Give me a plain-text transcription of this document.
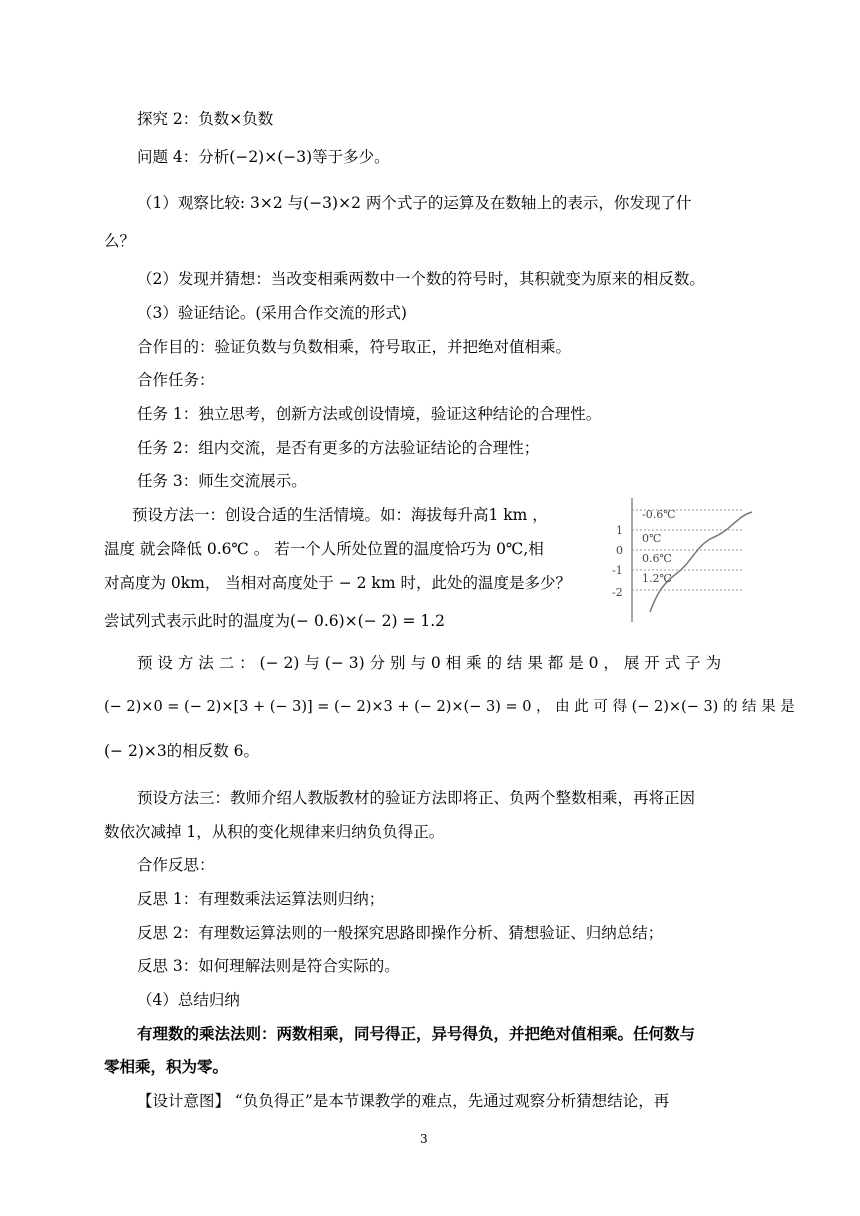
探究 2：负数×负数
问题 4：分析(−2)×(−3)等于多少。
（1）观察比较: 3×2 与(−3)×2 两个式子的运算及在数轴上的表示，你发现了什
么？
（2）发现并猜想：当改变相乘两数中一个数的符号时，其积就变为原来的相反数。
（3）验证结论。(采用合作交流的形式)
合作目的：验证负数与负数相乘，符号取正，并把绝对值相乘。
合作任务：
任务 1：独立思考，创新方法或创设情境，验证这种结论的合理性。
任务 2：组内交流，是否有更多的方法验证结论的合理性；
任务 3：师生交流展示。
预设方法一：创设合适的生活情境。如：海拔每升高1 km ，
温度 就会降低 0.6℃ 。 若一个人所处位置的温度恰巧为 0℃,相
对高度为 0km， 当相对高度处于 − 2 km 时，此处的温度是多少？
尝试列式表示此时的温度为(− 0.6)×(− 2) = 1.2
1
0
-1
-2
-0.6℃
0℃
0.6℃
1.2℃
预 设 方 法 二 ： (− 2) 与 (− 3) 分 别 与 0 相 乘 的 结 果 都 是 0 ， 展 开 式 子 为
(− 2)×0 = (− 2)×[3 + (− 3)] = (− 2)×3 + (− 2)×(− 3) = 0 ， 由 此 可 得 (− 2)×(− 3) 的 结 果 是
(− 2)×3的相反数 6。
预设方法三：教师介绍人教版教材的验证方法即将正、负两个整数相乘，再将正因
数依次减掉 1，从积的变化规律来归纳负负得正。
合作反思：
反思 1：有理数乘法运算法则归纳；
反思 2：有理数运算法则的一般探究思路即操作分析、猜想验证、归纳总结；
反思 3：如何理解法则是符合实际的。
（4）总结归纳
有理数的乘法法则：两数相乘，同号得正，异号得负，并把绝对值相乘。任何数与
零相乘，积为零。
【设计意图】 “负负得正”是本节课教学的难点，先通过观察分析猜想结论，再
3
